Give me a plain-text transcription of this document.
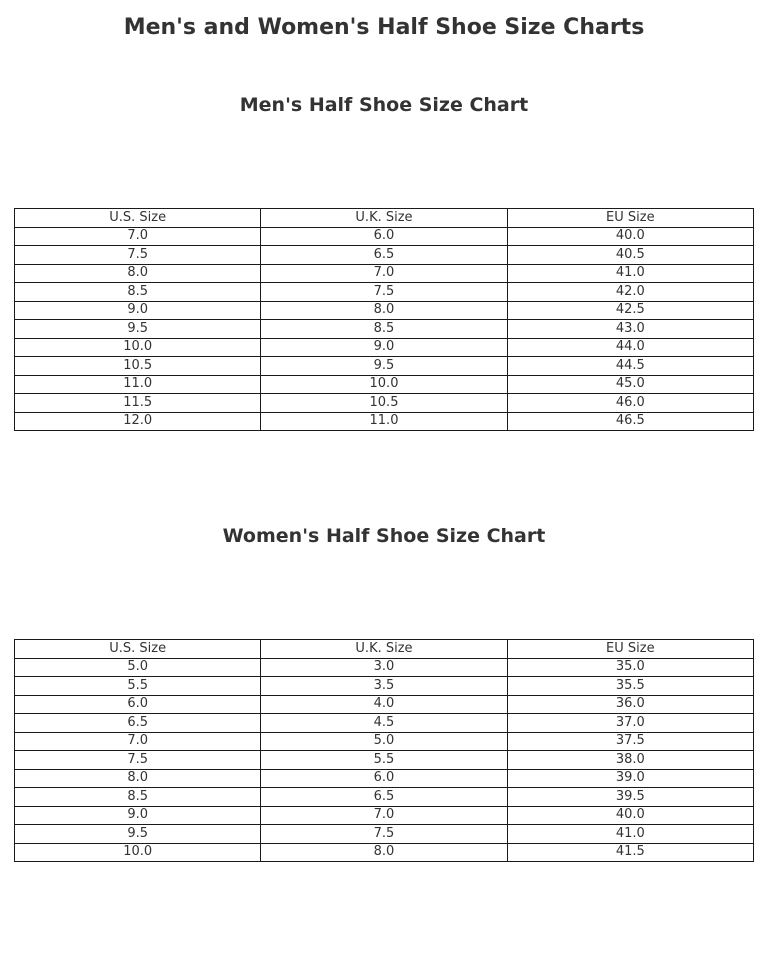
Men's and Women's Half Shoe Size Charts
Men's Half Shoe Size Chart
U.S. Size	U.K. Size	EU Size
7.0	6.0	40.0
7.5	6.5	40.5
8.0	7.0	41.0
8.5	7.5	42.0
9.0	8.0	42.5
9.5	8.5	43.0
10.0	9.0	44.0
10.5	9.5	44.5
11.0	10.0	45.0
11.5	10.5	46.0
12.0	11.0	46.5
Women's Half Shoe Size Chart
U.S. Size	U.K. Size	EU Size
5.0	3.0	35.0
5.5	3.5	35.5
6.0	4.0	36.0
6.5	4.5	37.0
7.0	5.0	37.5
7.5	5.5	38.0
8.0	6.0	39.0
8.5	6.5	39.5
9.0	7.0	40.0
9.5	7.5	41.0
10.0	8.0	41.5
